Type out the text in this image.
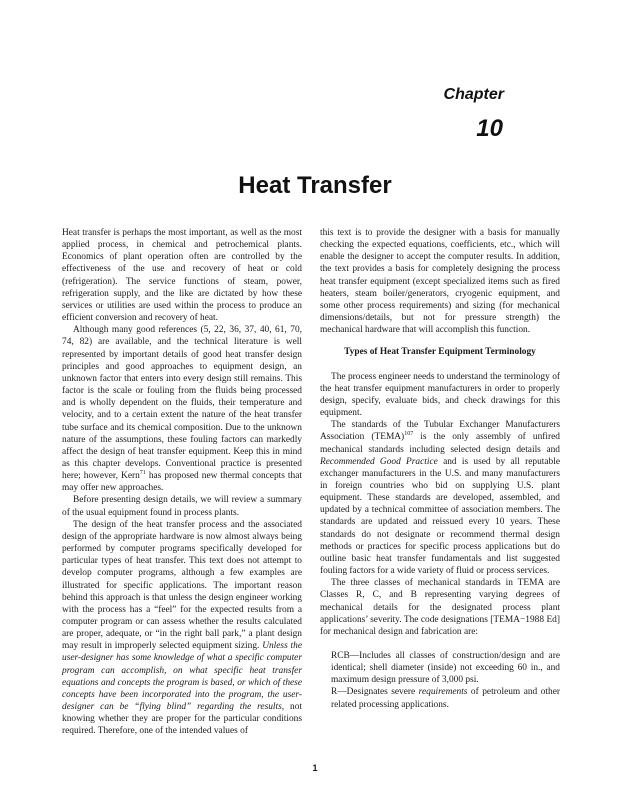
Chapter

10

Heat Transfer

Heat transfer is perhaps the most important, as well as the most applied process, in chemical and petrochemical plants. Economics of plant operation often are controlled by the effectiveness of the use and recovery of heat or cold (refrigeration). The service functions of steam, power, refrigeration supply, and the like are dictated by how these services or utilities are used within the process to produce an efficient conversion and recovery of heat.

Although many good references (5, 22, 36, 37, 40, 61, 70, 74, 82) are available, and the technical literature is well represented by important details of good heat transfer design principles and good approaches to equipment design, an unknown factor that enters into every design still remains. This factor is the scale or fouling from the fluids being processed and is wholly dependent on the fluids, their temperature and velocity, and to a certain extent the nature of the heat transfer tube surface and its chemical composition. Due to the unknown nature of the assumptions, these fouling factors can markedly affect the design of heat transfer equipment. Keep this in mind as this chapter develops. Conventional practice is presented here; however, Kern$^{71}$ has proposed new thermal concepts that may offer new approaches.

Before presenting design details, we will review a summary of the usual equipment found in process plants.

The design of the heat transfer process and the associated design of the appropriate hardware is now almost always being performed by computer programs specifically developed for particular types of heat transfer. This text does not attempt to develop computer programs, although a few examples are illustrated for specific applications. The important reason behind this approach is that unless the design engineer working with the process has a “feel” for the expected results from a computer program or can assess whether the results calculated are proper, adequate, or “in the right ball park,” a plant design may result in improperly selected equipment sizing. Unless the user-designer has some knowledge of what a specific computer program can accomplish, on what specific heat transfer equations and concepts the program is based, or which of these concepts have been incorporated into the program, the user-designer can be “flying blind” regarding the results, not knowing whether they are proper for the particular conditions required. Therefore, one of the intended values of

this text is to provide the designer with a basis for manually checking the expected equations, coefficients, etc., which will enable the designer to accept the computer results. In addition, the text provides a basis for completely designing the process heat transfer equipment (except specialized items such as fired heaters, steam boiler/generators, cryogenic equipment, and some other process requirements) and sizing (for mechanical dimensions/details, but not for pressure strength) the mechanical hardware that will accomplish this function.

Types of Heat Transfer Equipment Terminology

The process engineer needs to understand the terminology of the heat transfer equipment manufacturers in order to properly design, specify, evaluate bids, and check drawings for this equipment.

The standards of the Tubular Exchanger Manufacturers Association (TEMA)$^{107}$ is the only assembly of unfired mechanical standards including selected design details and Recommended Good Practice and is used by all reputable exchanger manufacturers in the U.S. and many manufacturers in foreign countries who bid on supplying U.S. plant equipment. These standards are developed, assembled, and updated by a technical committee of association members. The standards are updated and reissued every 10 years. These standards do not designate or recommend thermal design methods or practices for specific process applications but do outline basic heat transfer fundamentals and list suggested fouling factors for a wide variety of fluid or process services.

The three classes of mechanical standards in TEMA are Classes R, C, and B representing varying degrees of mechanical details for the designated process plant applications’ severity. The code designations [TEMA−1988 Ed] for mechanical design and fabrication are:

RCB—Includes all classes of construction/design and are identical; shell diameter (inside) not exceeding 60 in., and maximum design pressure of 3,000 psi.

R—Designates severe requirements of petroleum and other related processing applications.

1
